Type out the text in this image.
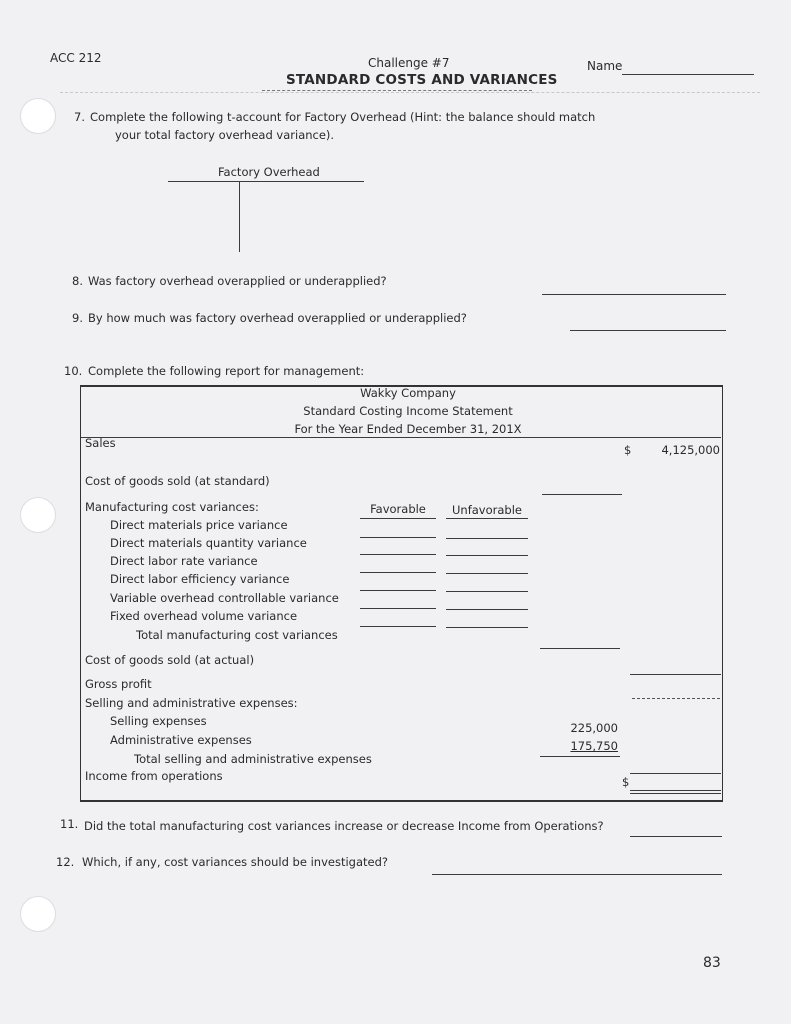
ACC 212	Challenge #7
STANDARD COSTS AND VARIANCES
Name
7. Complete the following t-account for Factory Overhead (Hint: the balance should match
your total factory overhead variance).
Factory Overhead
8. Was factory overhead overapplied or underapplied?
9. By how much was factory overhead overapplied or underapplied?
10. Complete the following report for management:
Wakky Company
Standard Costing Income Statement
For the Year Ended December 31, 201X
Sales	$	4,125,000
Cost of goods sold (at standard)
Manufacturing cost variances:	Favorable	Unfavorable
Direct materials price variance
Direct materials quantity variance
Direct labor rate variance
Direct labor efficiency variance
Variable overhead controllable variance
Fixed overhead volume variance
Total manufacturing cost variances
Cost of goods sold (at actual)
Gross profit
Selling and administrative expenses:
Selling expenses	225,000
Administrative expenses	175,750
Total selling and administrative expenses
Income from operations	$
11. Did the total manufacturing cost variances increase or decrease Income from Operations?
12. Which, if any, cost variances should be investigated?
83
